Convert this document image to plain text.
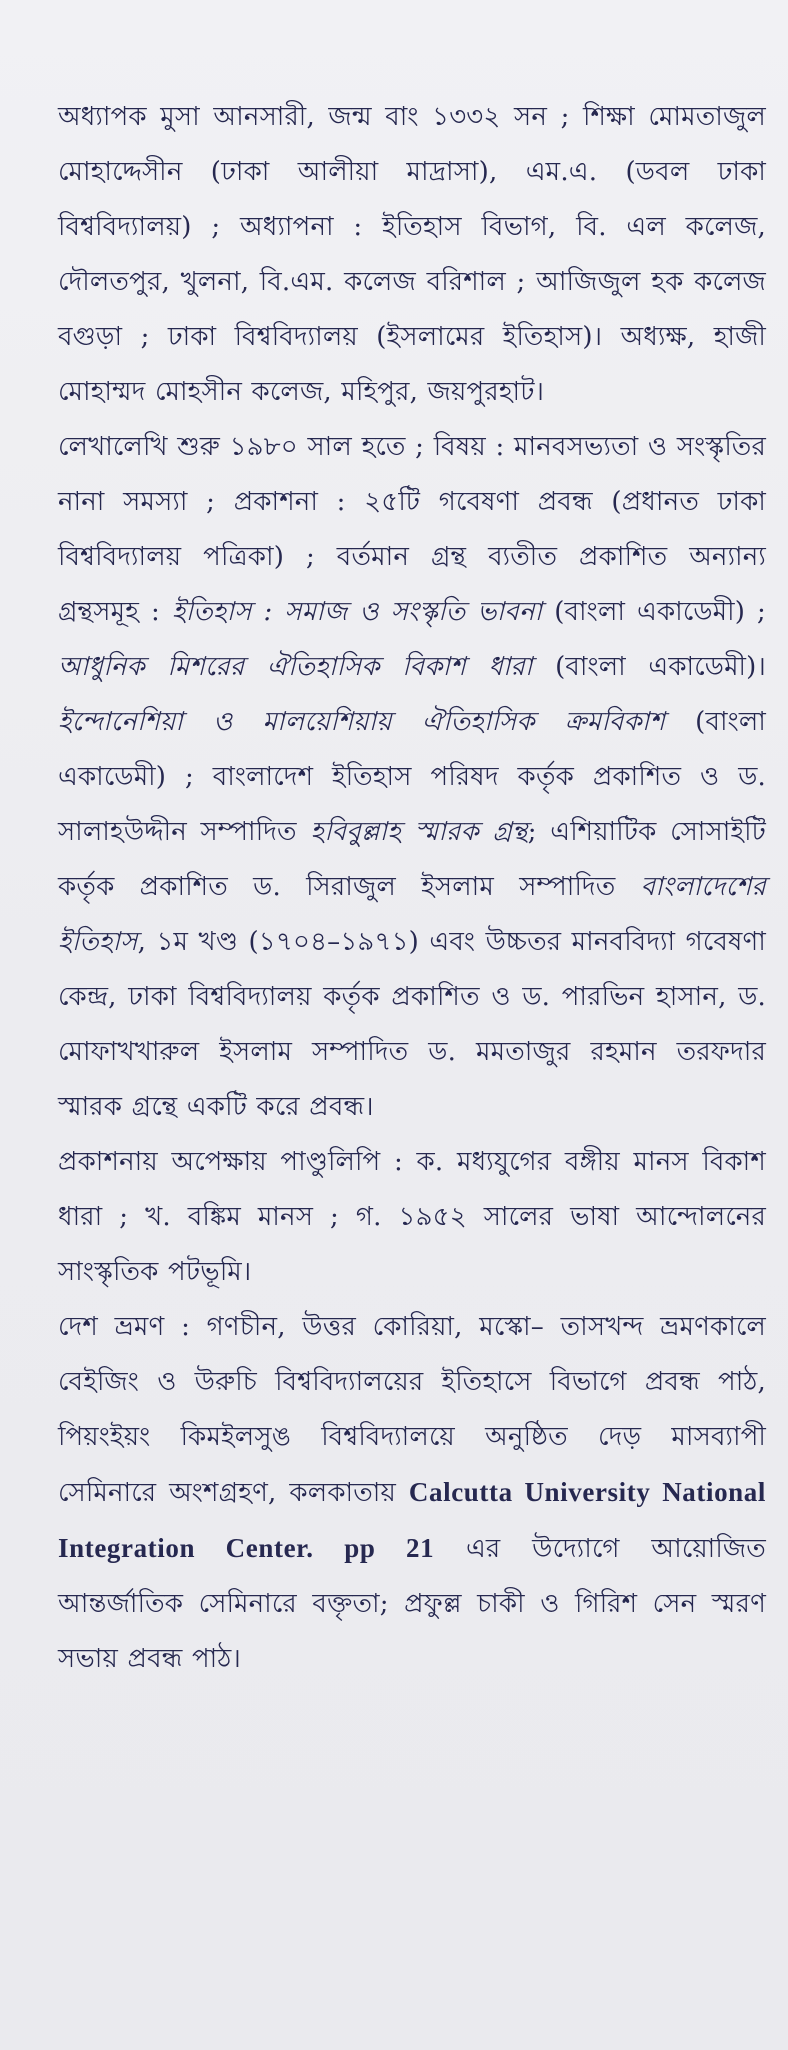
অধ্যাপক মুসা আনসারী, জন্ম বাং ১৩৩২ সন ; শিক্ষা মোমতাজুল মোহাদ্দেসীন (ঢাকা আলীয়া মাদ্রাসা), এম.এ. (ডবল ঢাকা বিশ্ববিদ্যালয়) ; অধ্যাপনা : ইতিহাস বিভাগ, বি. এল কলেজ, দৌলতপুর, খুলনা, বি.এম. কলেজ বরিশাল ; আজিজুল হক কলেজ বগুড়া ; ঢাকা বিশ্ববিদ্যালয় (ইসলামের ইতিহাস)। অধ্যক্ষ, হাজী মোহাম্মদ মোহসীন কলেজ, মহিপুর, জয়পুরহাট।

লেখালেখি শুরু ১৯৮০ সাল হতে ; বিষয় : মানবসভ্যতা ও সংস্কৃতির নানা সমস্যা ; প্রকাশনা : ২৫টি গবেষণা প্রবন্ধ (প্রধানত ঢাকা বিশ্ববিদ্যালয় পত্রিকা) ; বর্তমান গ্রন্থ ব্যতীত প্রকাশিত অন্যান্য গ্রন্থসমূহ : ইতিহাস : সমাজ ও সংস্কৃতি ভাবনা (বাংলা একাডেমী) ; আধুনিক মিশরের ঐতিহাসিক বিকাশ ধারা (বাংলা একাডেমী)। ইন্দোনেশিয়া ও মালয়েশিয়ায় ঐতিহাসিক ক্রমবিকাশ (বাংলা একাডেমী) ; বাংলাদেশ ইতিহাস পরিষদ কর্তৃক প্রকাশিত ও ড. সালাহউদ্দীন সম্পাদিত হবিবুল্লাহ স্মারক গ্রন্থ; এশিয়াটিক সোসাইটি কর্তৃক প্রকাশিত ড. সিরাজুল ইসলাম সম্পাদিত বাংলাদেশের ইতিহাস, ১ম খণ্ড (১৭০৪–১৯৭১) এবং উচ্চতর মানববিদ্যা গবেষণা কেন্দ্র, ঢাকা বিশ্ববিদ্যালয় কর্তৃক প্রকাশিত ও ড. পারভিন হাসান, ড. মোফাখখারুল ইসলাম সম্পাদিত ড. মমতাজুর রহমান তরফদার স্মারক গ্রন্থে একটি করে প্রবন্ধ।

প্রকাশনায় অপেক্ষায় পাণ্ডুলিপি : ক. মধ্যযুগের বঙ্গীয় মানস বিকাশ ধারা ; খ. বঙ্কিম মানস ; গ. ১৯৫২ সালের ভাষা আন্দোলনের সাংস্কৃতিক পটভূমি।

দেশ ভ্রমণ : গণচীন, উত্তর কোরিয়া, মস্কো– তাসখন্দ ভ্রমণকালে বেইজিং ও উরুচি বিশ্ববিদ্যালয়ের ইতিহাসে বিভাগে প্রবন্ধ পাঠ, পিয়ংইয়ং কিমইলসুঙ বিশ্ববিদ্যালয়ে অনুষ্ঠিত দেড় মাসব্যাপী সেমিনারে অংশগ্রহণ, কলকাতায় Calcutta University National Integration Center. pp 21 এর উদ্যোগে আয়োজিত আন্তর্জাতিক সেমিনারে বক্তৃতা; প্রফুল্ল চাকী ও গিরিশ সেন স্মরণ সভায় প্রবন্ধ পাঠ।
